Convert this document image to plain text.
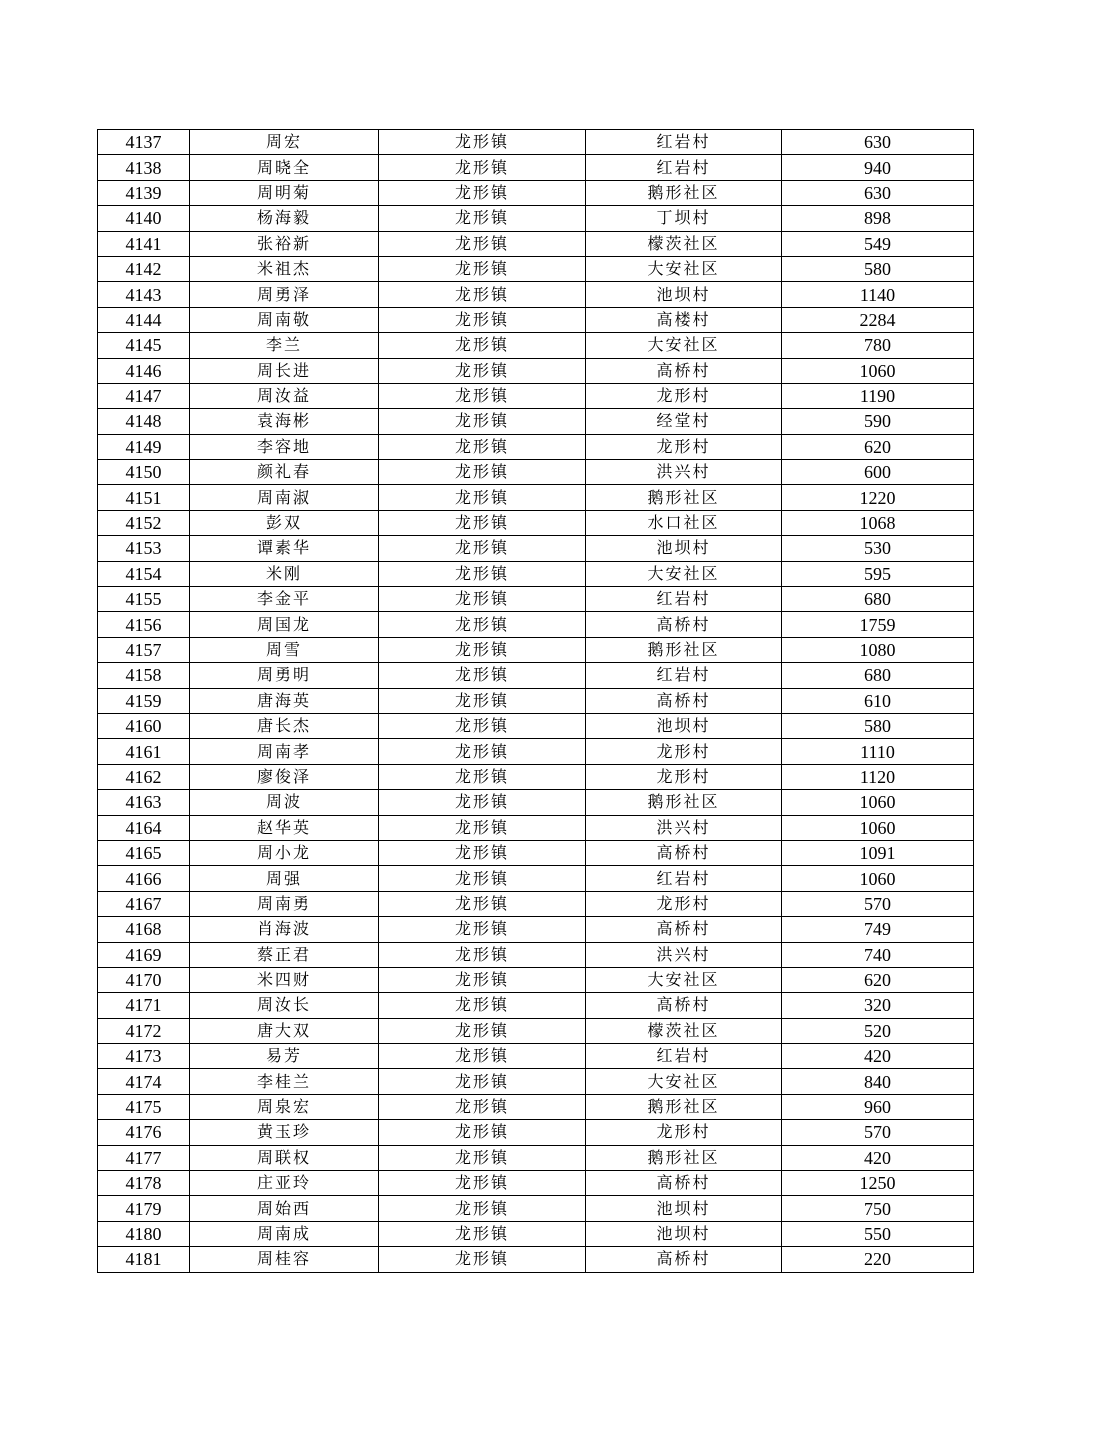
4137	周宏	龙形镇	红岩村	630
4138	周晓全	龙形镇	红岩村	940
4139	周明菊	龙形镇	鹅形社区	630
4140	杨海毅	龙形镇	丁坝村	898
4141	张裕新	龙形镇	檬茨社区	549
4142	米祖杰	龙形镇	大安社区	580
4143	周勇泽	龙形镇	池坝村	1140
4144	周南敬	龙形镇	高楼村	2284
4145	李兰	龙形镇	大安社区	780
4146	周长进	龙形镇	高桥村	1060
4147	周汝益	龙形镇	龙形村	1190
4148	袁海彬	龙形镇	经堂村	590
4149	李容地	龙形镇	龙形村	620
4150	颜礼春	龙形镇	洪兴村	600
4151	周南淑	龙形镇	鹅形社区	1220
4152	彭双	龙形镇	水口社区	1068
4153	谭素华	龙形镇	池坝村	530
4154	米刚	龙形镇	大安社区	595
4155	李金平	龙形镇	红岩村	680
4156	周国龙	龙形镇	高桥村	1759
4157	周雪	龙形镇	鹅形社区	1080
4158	周勇明	龙形镇	红岩村	680
4159	唐海英	龙形镇	高桥村	610
4160	唐长杰	龙形镇	池坝村	580
4161	周南孝	龙形镇	龙形村	1110
4162	廖俊泽	龙形镇	龙形村	1120
4163	周波	龙形镇	鹅形社区	1060
4164	赵华英	龙形镇	洪兴村	1060
4165	周小龙	龙形镇	高桥村	1091
4166	周强	龙形镇	红岩村	1060
4167	周南勇	龙形镇	龙形村	570
4168	肖海波	龙形镇	高桥村	749
4169	蔡正君	龙形镇	洪兴村	740
4170	米四财	龙形镇	大安社区	620
4171	周汝长	龙形镇	高桥村	320
4172	唐大双	龙形镇	檬茨社区	520
4173	易芳	龙形镇	红岩村	420
4174	李桂兰	龙形镇	大安社区	840
4175	周泉宏	龙形镇	鹅形社区	960
4176	黄玉珍	龙形镇	龙形村	570
4177	周联权	龙形镇	鹅形社区	420
4178	庄亚玲	龙形镇	高桥村	1250
4179	周始西	龙形镇	池坝村	750
4180	周南成	龙形镇	池坝村	550
4181	周桂容	龙形镇	高桥村	220
